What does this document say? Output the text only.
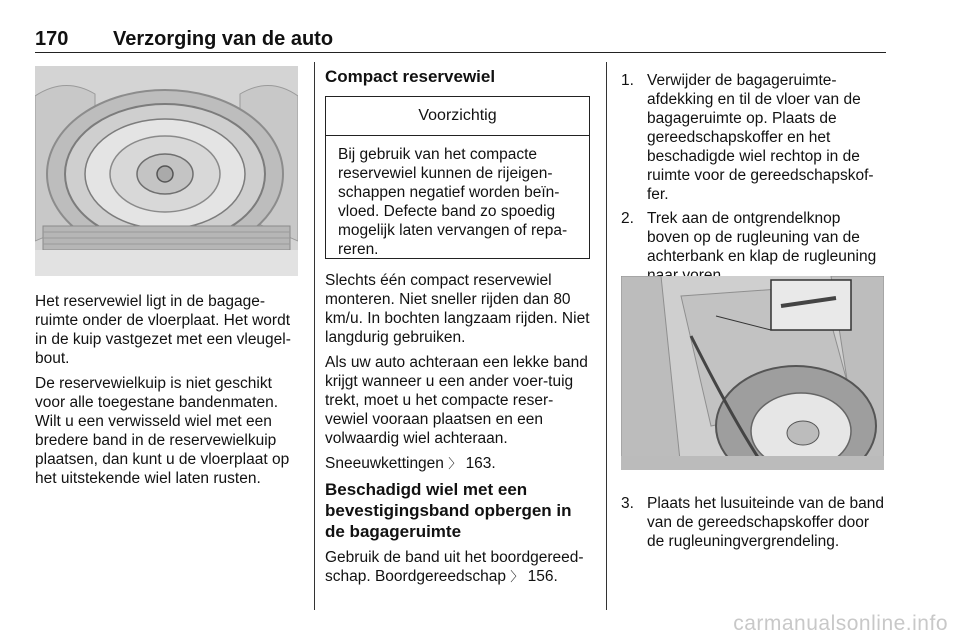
170 Verzorging van de auto

Het reservewiel ligt in de bagage-ruimte onder de vloerplaat. Het wordt in de kuip vastgezet met een vleugel-bout.

De reservewielkuip is niet geschikt voor alle toegestane bandenmaten. Wilt u een verwisseld wiel met een bredere band in de reservewielkuip plaatsen, dan kunt u de vloerplaat op het uitstekende wiel laten rusten.

Compact reservewiel

Voorzichtig
Bij gebruik van het compacte reservewiel kunnen de rijeigen-schappen negatief worden beïn-vloed. Defecte band zo spoedig mogelijk laten vervangen of repa-reren.

Slechts één compact reservewiel monteren. Niet sneller rijden dan 80 km/u. In bochten langzaam rijden. Niet langdurig gebruiken.

Als uw auto achteraan een lekke band krijgt wanneer u een ander voer-tuig trekt, moet u het compacte reser-vewiel vooraan plaatsen en een volwaardig wiel achteraan.

Sneeuwkettingen 〉 163.

Beschadigd wiel met een bevestigingsband opbergen in de bagageruimte

Gebruik de band uit het boordgereed-schap. Boordgereedschap 〉 156.

1. Verwijder de bagageruimte-afdekking en til de vloer van de bagageruimte op. Plaats de gereedschapskoffer en het beschadigde wiel rechtop in de ruimte voor de gereedschapskof-fer.
2. Trek aan de ontgrendelknop boven op de rugleuning van de achterbank en klap de rugleuning
3. Plaats het lusuiteinde van de band van de gereedschapskoffer door de rugleuningvergrendeling.
carmanualsonline.info
